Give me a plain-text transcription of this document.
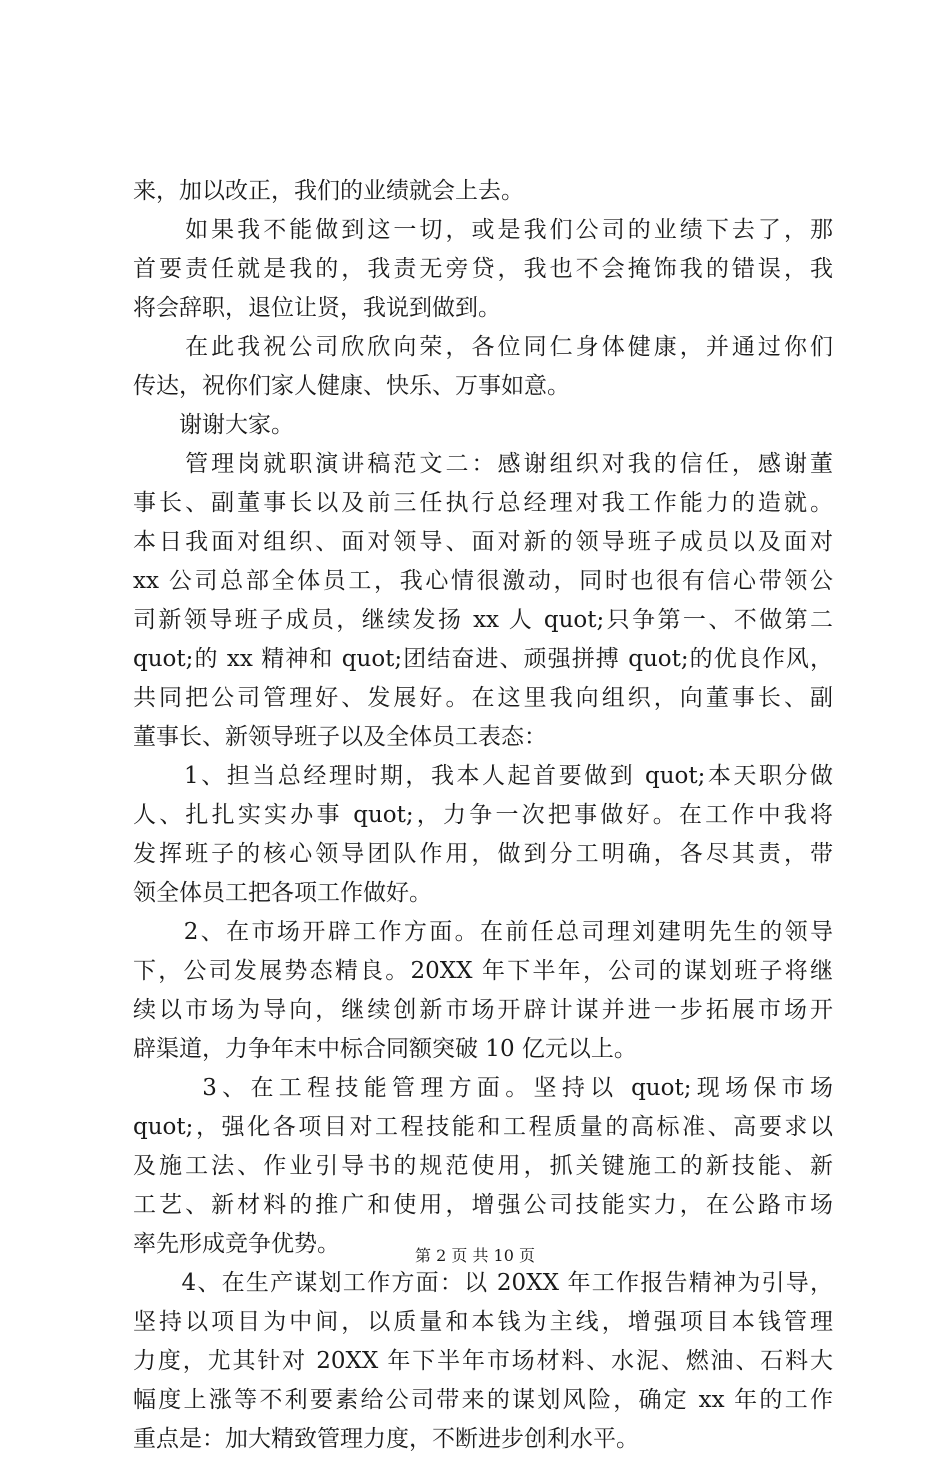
来，加以改正，我们的业绩就会上去。
　　如果我不能做到这一切，或是我们公司的业绩下去了，那
首要责任就是我的，我责无旁贷，我也不会掩饰我的错误，我
将会辞职，退位让贤，我说到做到。
　　在此我祝公司欣欣向荣，各位同仁身体健康，并通过你们
传达，祝你们家人健康、快乐、万事如意。
　　谢谢大家。
　　管理岗就职演讲稿范文二：感谢组织对我的信任，感谢董
事长、副董事长以及前三任执行总经理对我工作能力的造就。
本日我面对组织、面对领导、面对新的领导班子成员以及面对
xx 公司总部全体员工，我心情很激动，同时也很有信心带领公
司新领导班子成员，继续发扬 xx 人 quot;只争第一、不做第二
quot;的 xx 精神和 quot;团结奋进、顽强拼搏 quot;的优良作风，
共同把公司管理好、发展好。在这里我向组织，向董事长、副
董事长、新领导班子以及全体员工表态：
　　1、担当总经理时期，我本人起首要做到 quot;本天职分做
人、扎扎实实办事 quot;，力争一次把事做好。在工作中我将
发挥班子的核心领导团队作用，做到分工明确，各尽其责，带
领全体员工把各项工作做好。
　　2、在市场开辟工作方面。在前任总司理刘建明先生的领导
下，公司发展势态精良。20XX 年下半年，公司的谋划班子将继
续以市场为导向，继续创新市场开辟计谋并进一步拓展市场开
辟渠道，力争年末中标合同额突破 10 亿元以上。
　　 3、在工程技能管理方面。坚持以 quot;现场保市场
quot;，强化各项目对工程技能和工程质量的高标准、高要求以
及施工法、作业引导书的规范使用，抓关键施工的新技能、新
工艺、新材料的推广和使用，增强公司技能实力，在公路市场
率先形成竞争优势。
　　4、在生产谋划工作方面：以 20XX 年工作报告精神为引导，
坚持以项目为中间，以质量和本钱为主线，增强项目本钱管理
力度，尤其针对 20XX 年下半年市场材料、水泥、燃油、石料大
幅度上涨等不利要素给公司带来的谋划风险，确定 xx 年的工作
重点是：加大精致管理力度，不断进步创利水平。
第 2 页 共 10 页
